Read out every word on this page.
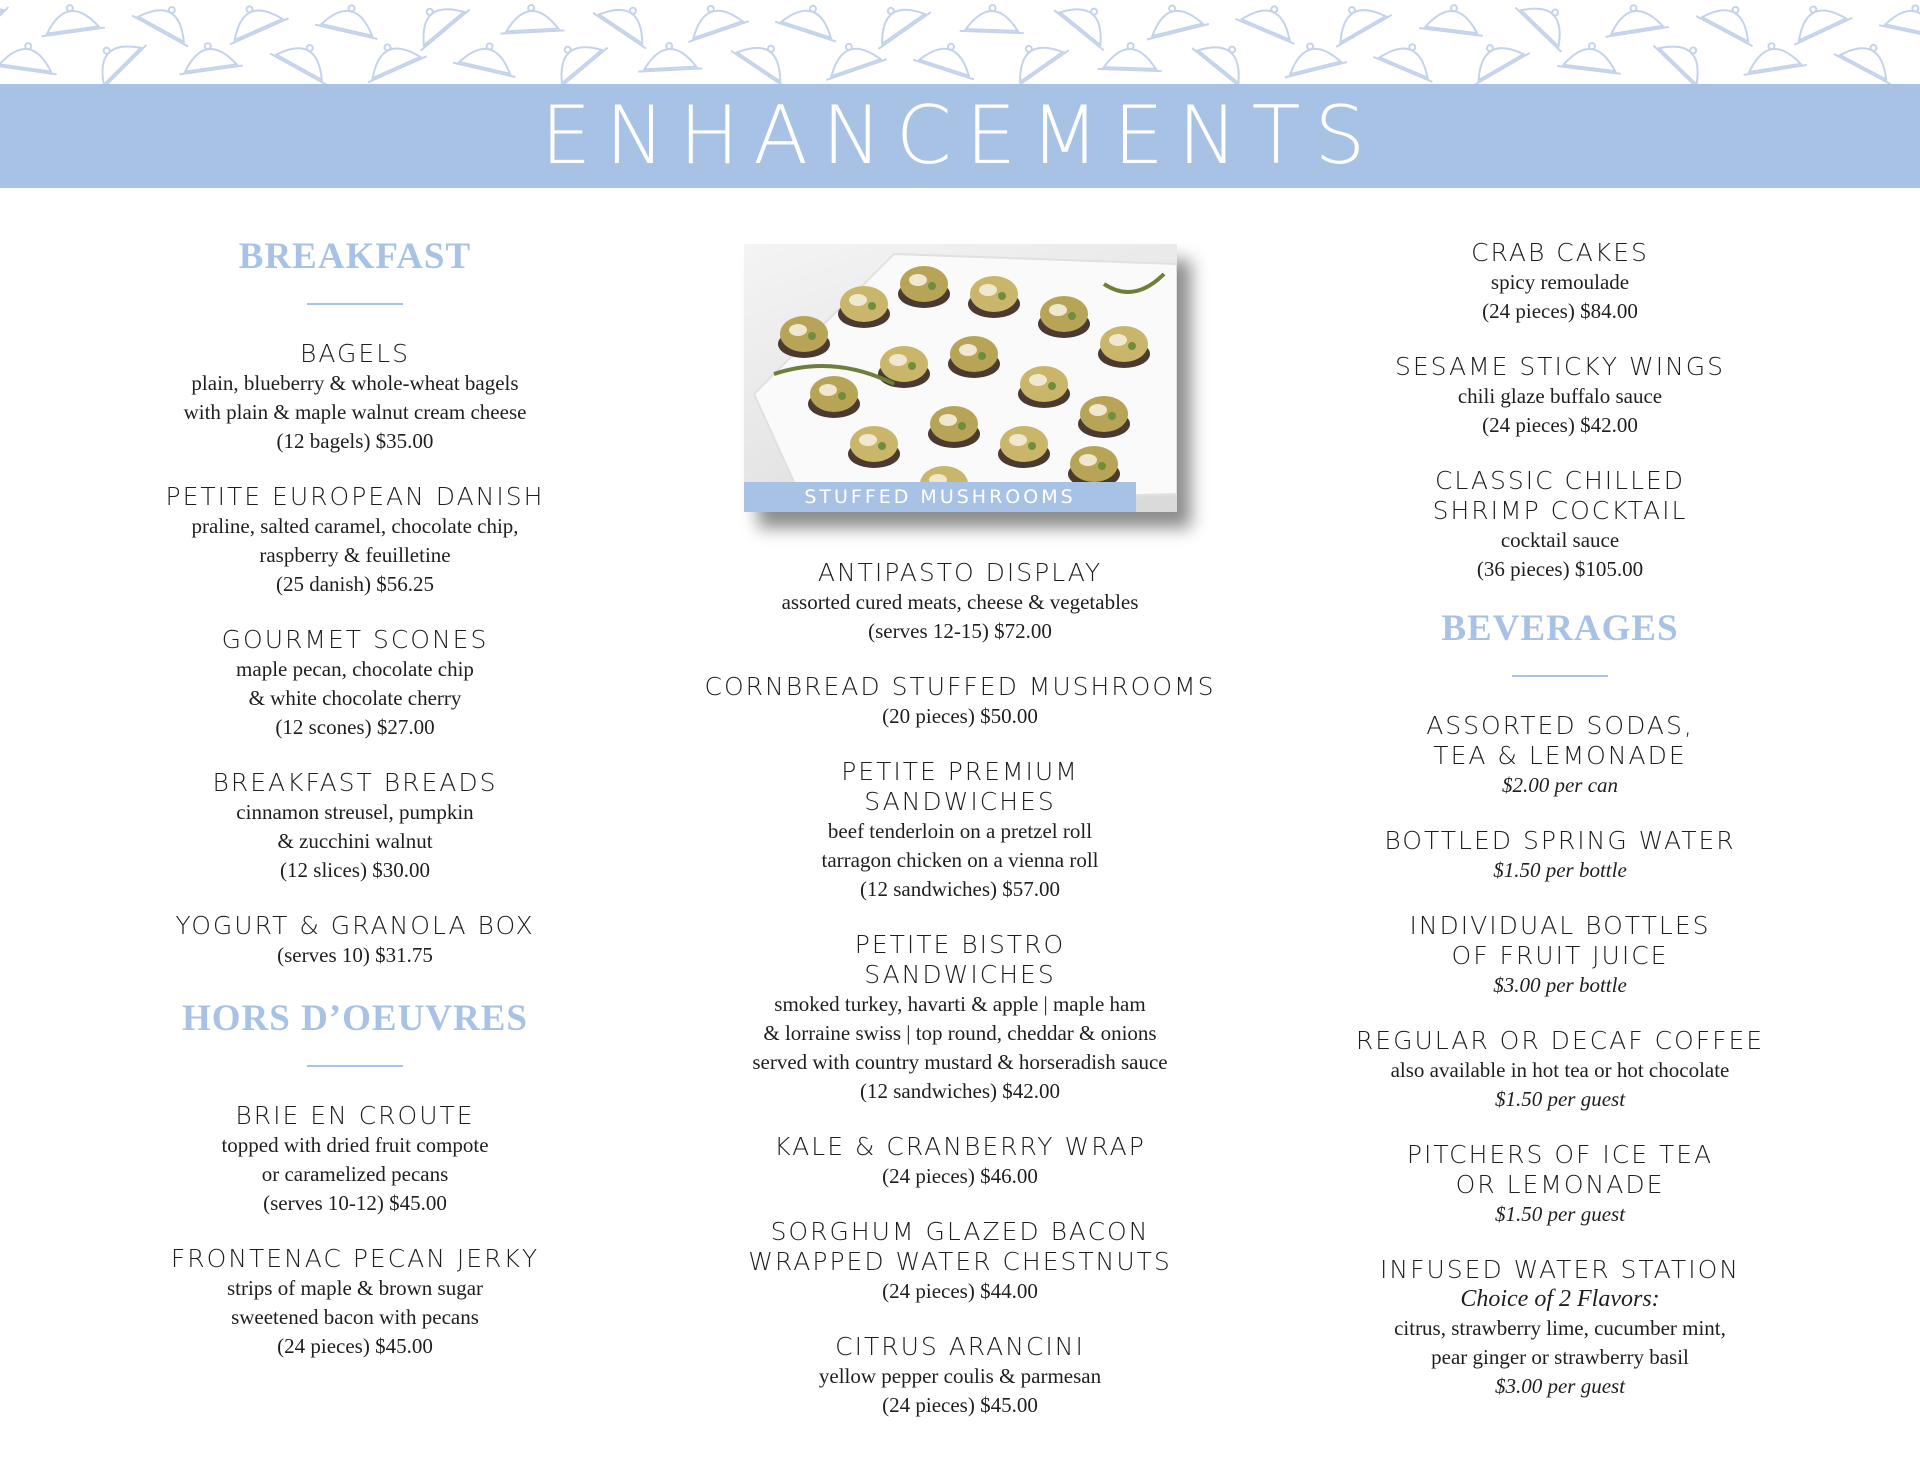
ENHANCEMENTS
BREAKFAST
BAGELS
plain, blueberry & whole-wheat bagels
with plain & maple walnut cream cheese
(12 bagels) $35.00
PETITE EUROPEAN DANISH
praline, salted caramel, chocolate chip,
raspberry & feuilletine
(25 danish) $56.25
GOURMET SCONES
maple pecan, chocolate chip
& white chocolate cherry
(12 scones) $27.00
BREAKFAST BREADS
cinnamon streusel, pumpkin
& zucchini walnut
(12 slices) $30.00
YOGURT & GRANOLA BOX
(serves 10) $31.75
HORS D’OEUVRES
BRIE EN CROUTE
topped with dried fruit compote
or caramelized pecans
(serves 10-12) $45.00
FRONTENAC PECAN JERKY
strips of maple & brown sugar
sweetened bacon with pecans
(24 pieces) $45.00
STUFFED MUSHROOMS
ANTIPASTO DISPLAY
assorted cured meats, cheese & vegetables
(serves 12-15) $72.00
CORNBREAD STUFFED MUSHROOMS
(20 pieces) $50.00
PETITE PREMIUM
SANDWICHES
beef tenderloin on a pretzel roll
tarragon chicken on a vienna roll
(12 sandwiches) $57.00
PETITE BISTRO
SANDWICHES
smoked turkey, havarti & apple | maple ham
& lorraine swiss | top round, cheddar & onions
served with country mustard & horseradish sauce
(12 sandwiches) $42.00
KALE & CRANBERRY WRAP
(24 pieces) $46.00
SORGHUM GLAZED BACON
WRAPPED WATER CHESTNUTS
(24 pieces) $44.00
CITRUS ARANCINI
yellow pepper coulis & parmesan
(24 pieces) $45.00
CRAB CAKES
spicy remoulade
(24 pieces) $84.00
SESAME STICKY WINGS
chili glaze buffalo sauce
(24 pieces) $42.00
CLASSIC CHILLED
SHRIMP COCKTAIL
cocktail sauce
(36 pieces) $105.00
BEVERAGES
ASSORTED SODAS,
TEA & LEMONADE
$2.00 per can
BOTTLED SPRING WATER
$1.50 per bottle
INDIVIDUAL BOTTLES
OF FRUIT JUICE
$3.00 per bottle
REGULAR OR DECAF COFFEE
also available in hot tea or hot chocolate
$1.50 per guest
PITCHERS OF ICE TEA
OR LEMONADE
$1.50 per guest
INFUSED WATER STATION
Choice of 2 Flavors:
citrus, strawberry lime, cucumber mint,
pear ginger or strawberry basil
$3.00 per guest
